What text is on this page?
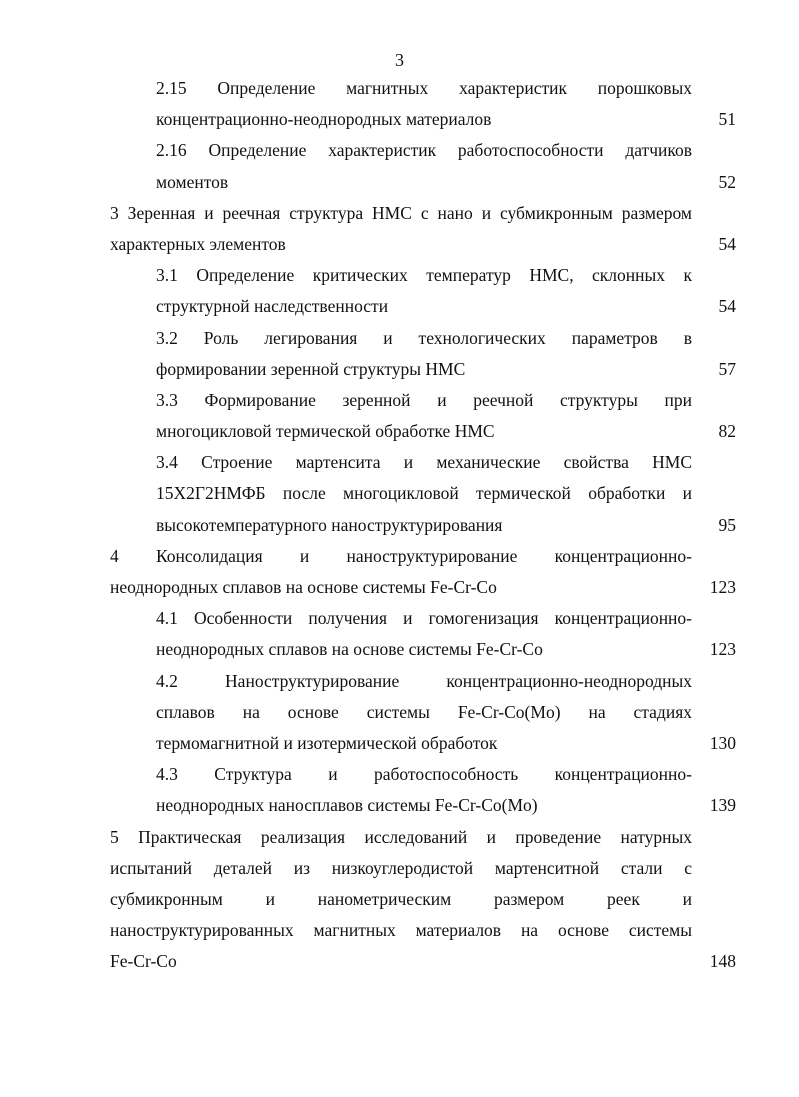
3
2.15 Определение магнитных характеристик порошковых
концентрационно-неоднородных материалов	51
2.16 Определение характеристик работоспособности датчиков
моментов	52
3 Зеренная и реечная структура НМС с нано и субмикронным размером
характерных элементов	54
3.1 Определение критических температур НМС, склонных к
структурной наследственности	54
3.2 Роль легирования и технологических параметров в
формировании зеренной структуры НМС	57
3.3 Формирование зеренной и реечной структуры при
многоцикловой термической обработке НМС	82
3.4 Строение мартенсита и механические свойства НМС
15Х2Г2НМФБ после многоцикловой термической обработки и
высокотемпературного наноструктурирования	95
4 Консолидация и наноструктурирование концентрационно-
неоднородных сплавов на основе системы Fe-Cr-Co	123
4.1 Особенности получения и гомогенизация концентрационно-
неоднородных сплавов на основе системы Fe-Cr-Co	123
4.2 Наноструктурирование концентрационно-неоднородных
сплавов на основе системы Fe-Cr-Co(Mo) на стадиях
термомагнитной и изотермической обработок	130
4.3 Структура и работоспособность концентрационно-
неоднородных наносплавов системы Fe-Cr-Co(Mo)	139
5 Практическая реализация исследований и проведение натурных
испытаний деталей из низкоуглеродистой мартенситной стали с
субмикронным и нанометрическим размером реек и
наноструктурированных магнитных материалов на основе системы
Fe-Cr-Co	148
